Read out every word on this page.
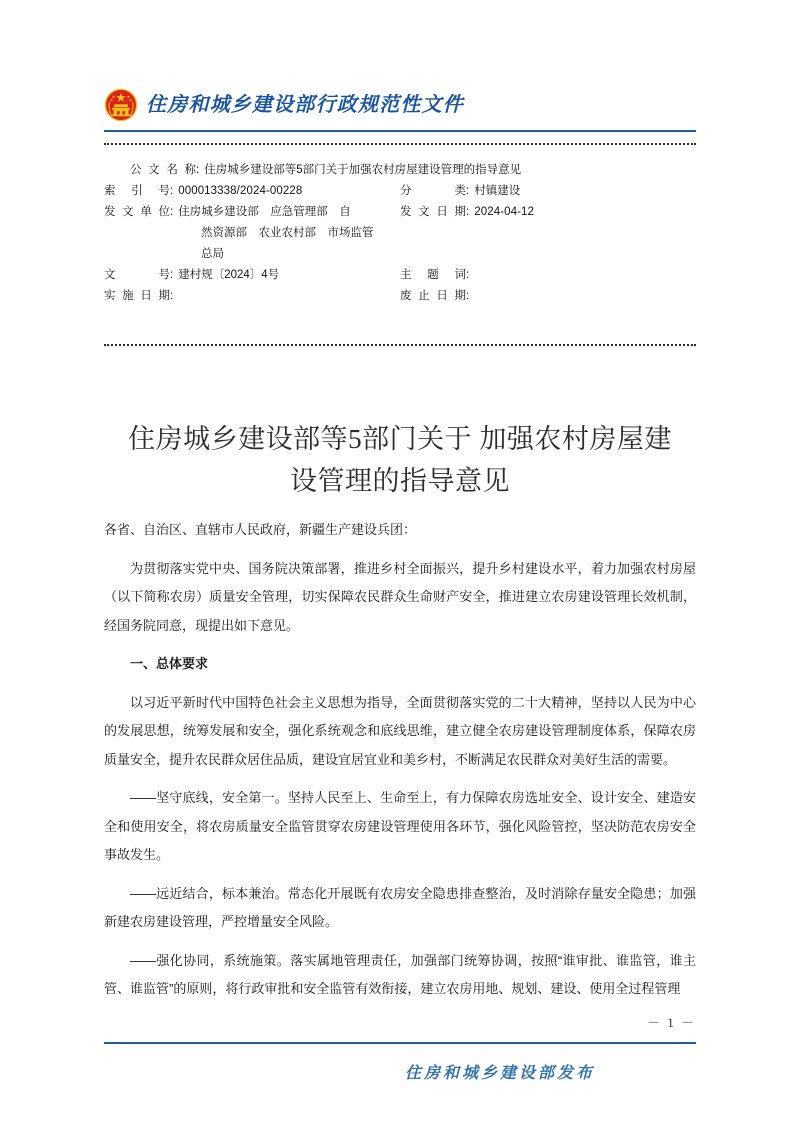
住房和城乡建设部行政规范性文件
公文名称 : 住房城乡建设部等5部门关于加强农村房屋建设管理的指导意见
索引号 : 000013338/2024-00228	分类 : 村镇建设
发文单位 : 住房城乡建设部　应急管理部　自	发文日期 : 2024-04-12
然资源部　农业农村部　市场监管
总局
文号 : 建村规〔2024〕4号	主题词 :
实施日期 :	废止日期 :
住房城乡建设部等5部门关于 加强农村房屋建
设管理的指导意见

各省、自治区、直辖市人民政府，新疆生产建设兵团：

为贯彻落实党中央、国务院决策部署，推进乡村全面振兴，提升乡村建设水平，着力加强农村房屋（以下简称农房）质量安全管理，切实保障农民群众生命财产安全，推进建立农房建设管理长效机制，经国务院同意，现提出如下意见。

一、总体要求

以习近平新时代中国特色社会主义思想为指导，全面贯彻落实党的二十大精神，坚持以人民为中心的发展思想，统筹发展和安全，强化系统观念和底线思维，建立健全农房建设管理制度体系，保障农房质量安全，提升农民群众居住品质，建设宜居宜业和美乡村，不断满足农民群众对美好生活的需要。

——坚守底线，安全第一。坚持人民至上、生命至上，有力保障农房选址安全、设计安全、建造安全和使用安全，将农房质量安全监管贯穿农房建设管理使用各环节，强化风险管控，坚决防范农房安全事故发生。

——远近结合，标本兼治。常态化开展既有农房安全隐患排查整治，及时消除存量安全隐患；加强新建农房建设管理，严控增量安全风险。

——强化协同，系统施策。落实属地管理责任，加强部门统筹协调，按照“谁审批、谁监管，谁主管、谁监管”的原则，将行政审批和安全监管有效衔接，建立农房用地、规划、建设、使用全过程管理

－ 1 －
住房和城乡建设部发布
